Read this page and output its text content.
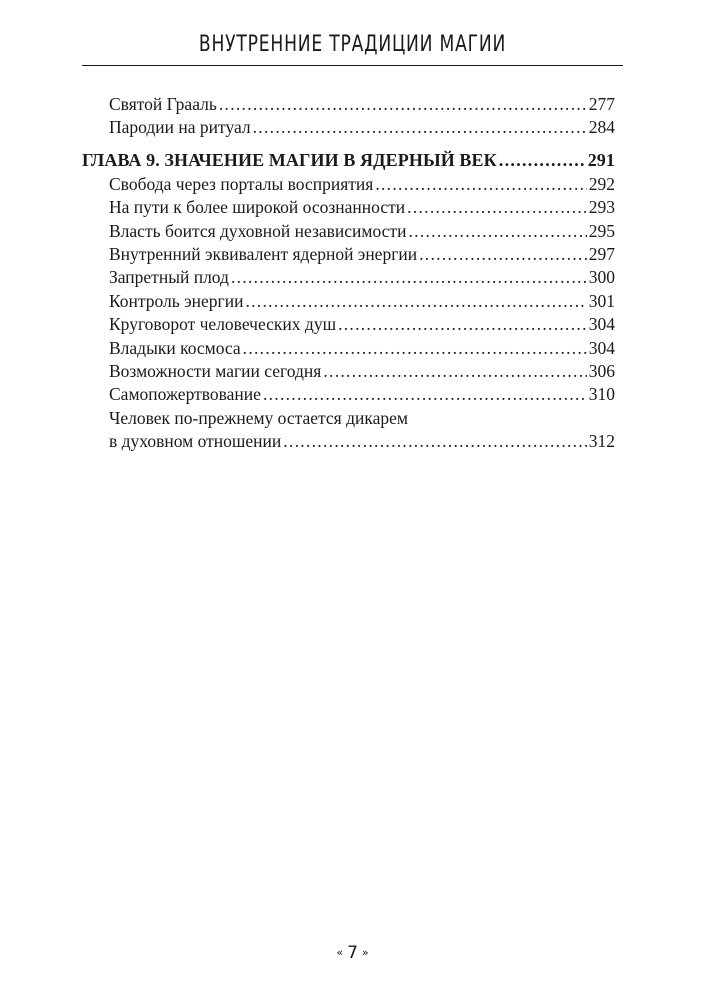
ВНУТРЕННИЕ ТРАДИЦИИ МАГИИ
Святой Грааль .....	277
Пародии на ритуал .....	284
ГЛАВА 9. ЗНАЧЕНИЕ МАГИИ В ЯДЕРНЫЙ ВЕК .....	291
Свобода через порталы восприятия .....	292
На пути к более широкой осознанности .....	293
Власть боится духовной независимости .....	295
Внутренний эквивалент ядерной энергии .....	297
Запретный плод .....	300
Контроль энергии .....	301
Круговорот человеческих душ .....	304
Владыки космоса .....	304
Возможности магии сегодня .....	306
Самопожертвование .....	310
Человек по-прежнему остается дикарем
в духовном отношении .....	312
« 7 »
